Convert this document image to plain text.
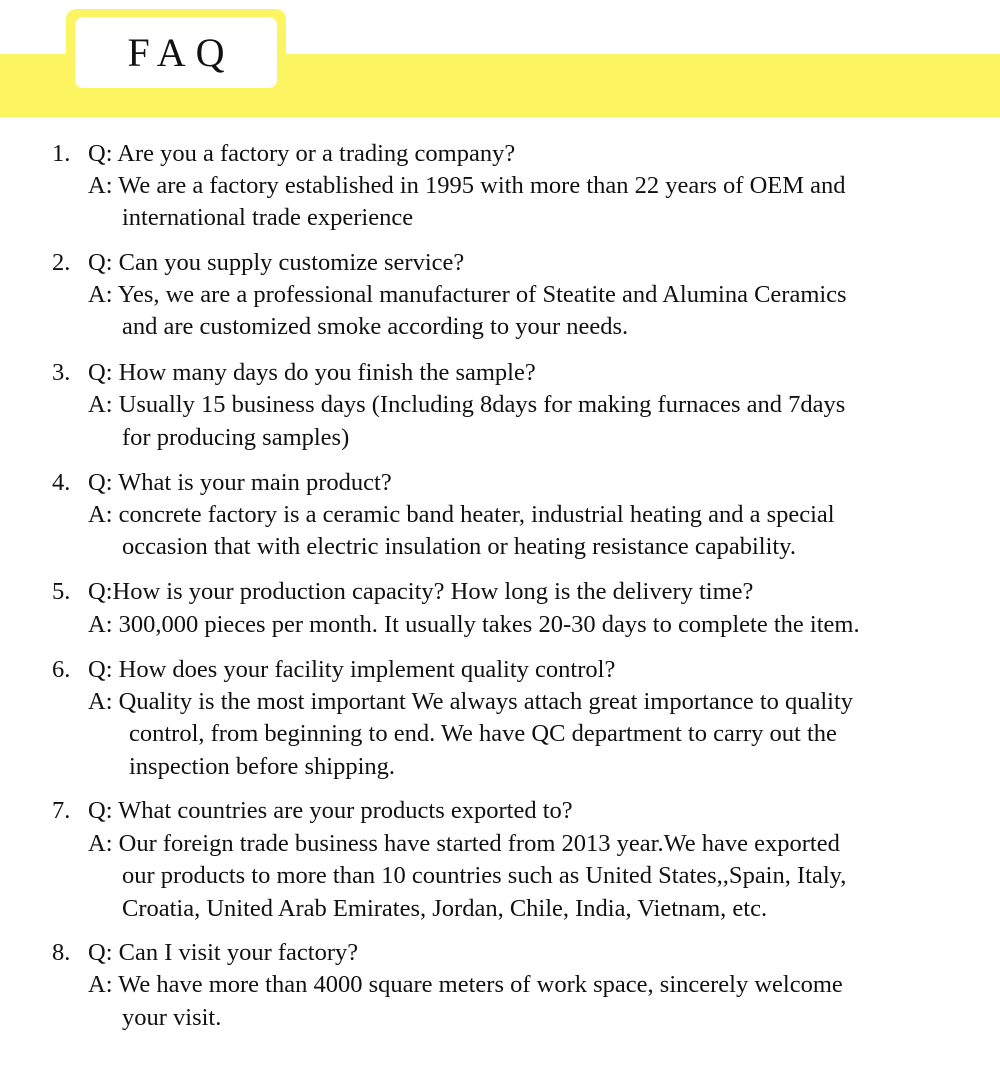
FAQ
1. Q: Are you a factory or a trading company?
A: We are a factory established in 1995 with more than 22 years of OEM and
international trade experience
2. Q: Can you supply customize service?
A: Yes, we are a professional manufacturer of Steatite and Alumina Ceramics
and are customized smoke according to your needs.
3. Q: How many days do you finish the sample?
A: Usually 15 business days (Including 8days for making furnaces and 7days
for producing samples)
4. Q: What is your main product?
A: concrete factory is a ceramic band heater, industrial heating and a special
occasion that with electric insulation or heating resistance capability.
5. Q:How is your production capacity? How long is the delivery time?
A: 300,000 pieces per month. It usually takes 20-30 days to complete the item.
6. Q: How does your facility implement quality control?
A: Quality is the most important We always attach great importance to quality
control, from beginning to end. We have QC department to carry out the
inspection before shipping.
7. Q: What countries are your products exported to?
A: Our foreign trade business have started from 2013 year.We have exported
our products to more than 10 countries such as United States,,Spain, Italy,
Croatia, United Arab Emirates, Jordan, Chile, India, Vietnam, etc.
8. Q: Can I visit your factory?
A: We have more than 4000 square meters of work space, sincerely welcome
your visit.
